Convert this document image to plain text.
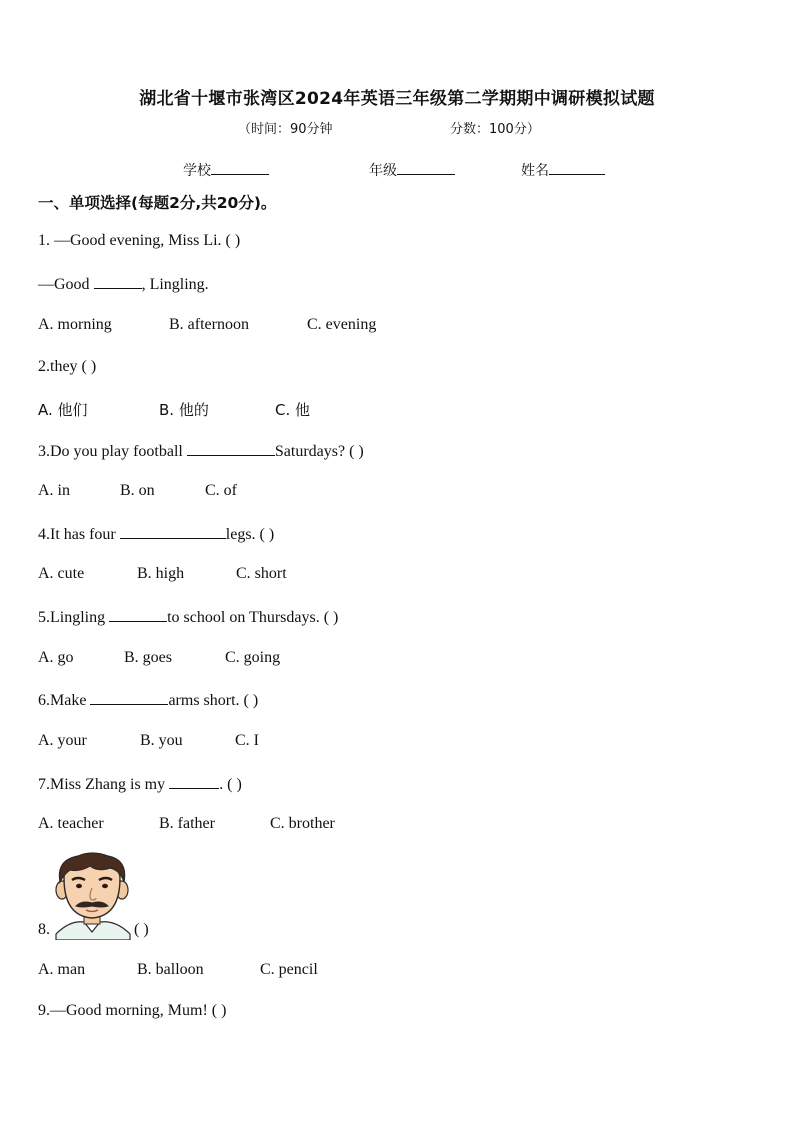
湖北省十堰市张湾区2024年英语三年级第二学期期中调研模拟试题
（时间：90分钟	分数：100分）
学校	年级	姓名
一、单项选择(每题2分,共20分)。
1. —Good evening, Miss Li. ( )
—Good	, Lingling.
A. morning	B. afternoon	C. evening
2.they ( )
A. 他们	B. 他的	C. 他
3.Do you play football	Saturdays? ( )
A. in	B. on	C. of
4.It has four	legs. ( )
A. cute	B. high	C. short
5.Lingling	to school on Thursdays. ( )
A. go	B. goes	C. going
6.Make	arms short. ( )
A. your	B. you	C. I
7.Miss Zhang is my	. ( )
A. teacher	B. father	C. brother
8.	( )
A. man	B. balloon	C. pencil
9.—Good morning, Mum! ( )
